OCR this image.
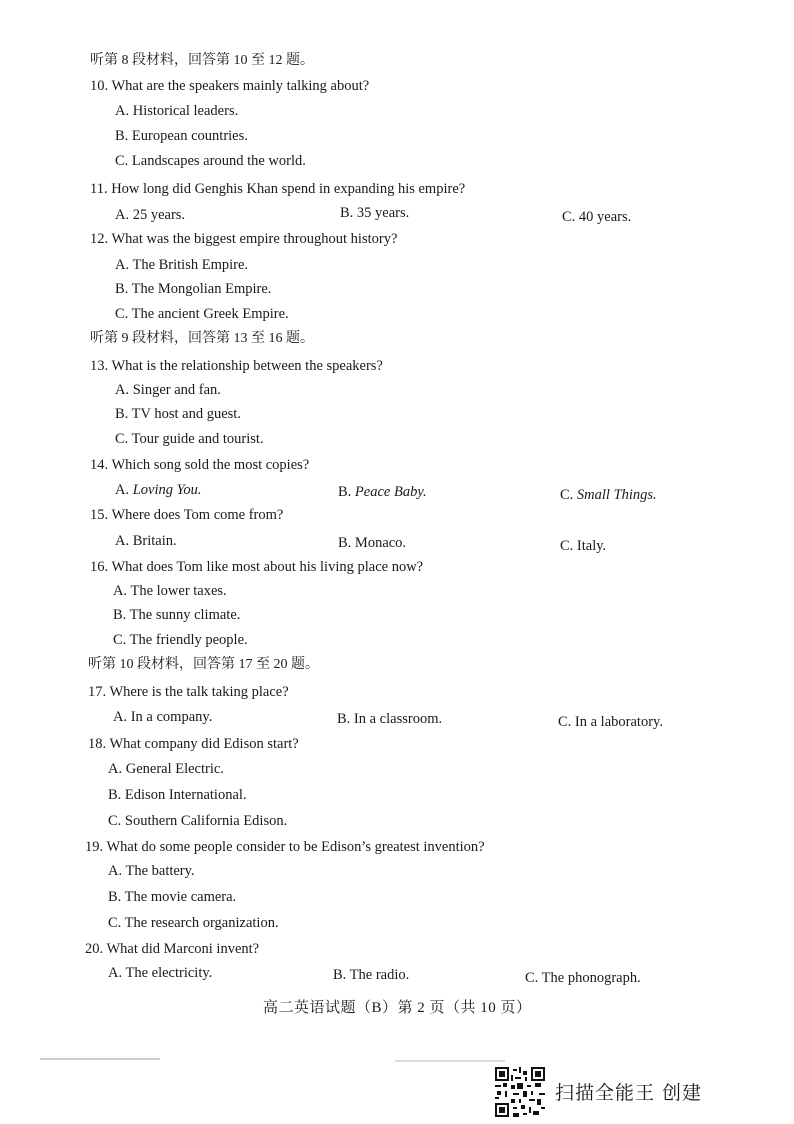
听第 8 段材料，回答第 10 至 12 题。
10. What are the speakers mainly talking about?
A. Historical leaders.
B. European countries.
C. Landscapes around the world.
11. How long did Genghis Khan spend in expanding his empire?
A. 25 years.	B. 35 years.	C. 40 years.
12. What was the biggest empire throughout history?
A. The British Empire.
B. The Mongolian Empire.
C. The ancient Greek Empire.
听第 9 段材料，回答第 13 至 16 题。
13. What is the relationship between the speakers?
A. Singer and fan.
B. TV host and guest.
C. Tour guide and tourist.
14. Which song sold the most copies?
A. Loving You.	B. Peace Baby.	C. Small Things.
15. Where does Tom come from?
A. Britain.	B. Monaco.	C. Italy.
16. What does Tom like most about his living place now?
A. The lower taxes.
B. The sunny climate.
C. The friendly people.
听第 10 段材料，回答第 17 至 20 题。
17. Where is the talk taking place?
A. In a company.	B. In a classroom.	C. In a laboratory.
18. What company did Edison start?
A. General Electric.
B. Edison International.
C. Southern California Edison.
19. What do some people consider to be Edison’s greatest invention?
A. The battery.
B. The movie camera.
C. The research organization.
20. What did Marconi invent?
A. The electricity.	B. The radio.	C. The phonograph.
高二英语试题（B）第 2 页（共 10 页）
扫描全能王 创建
